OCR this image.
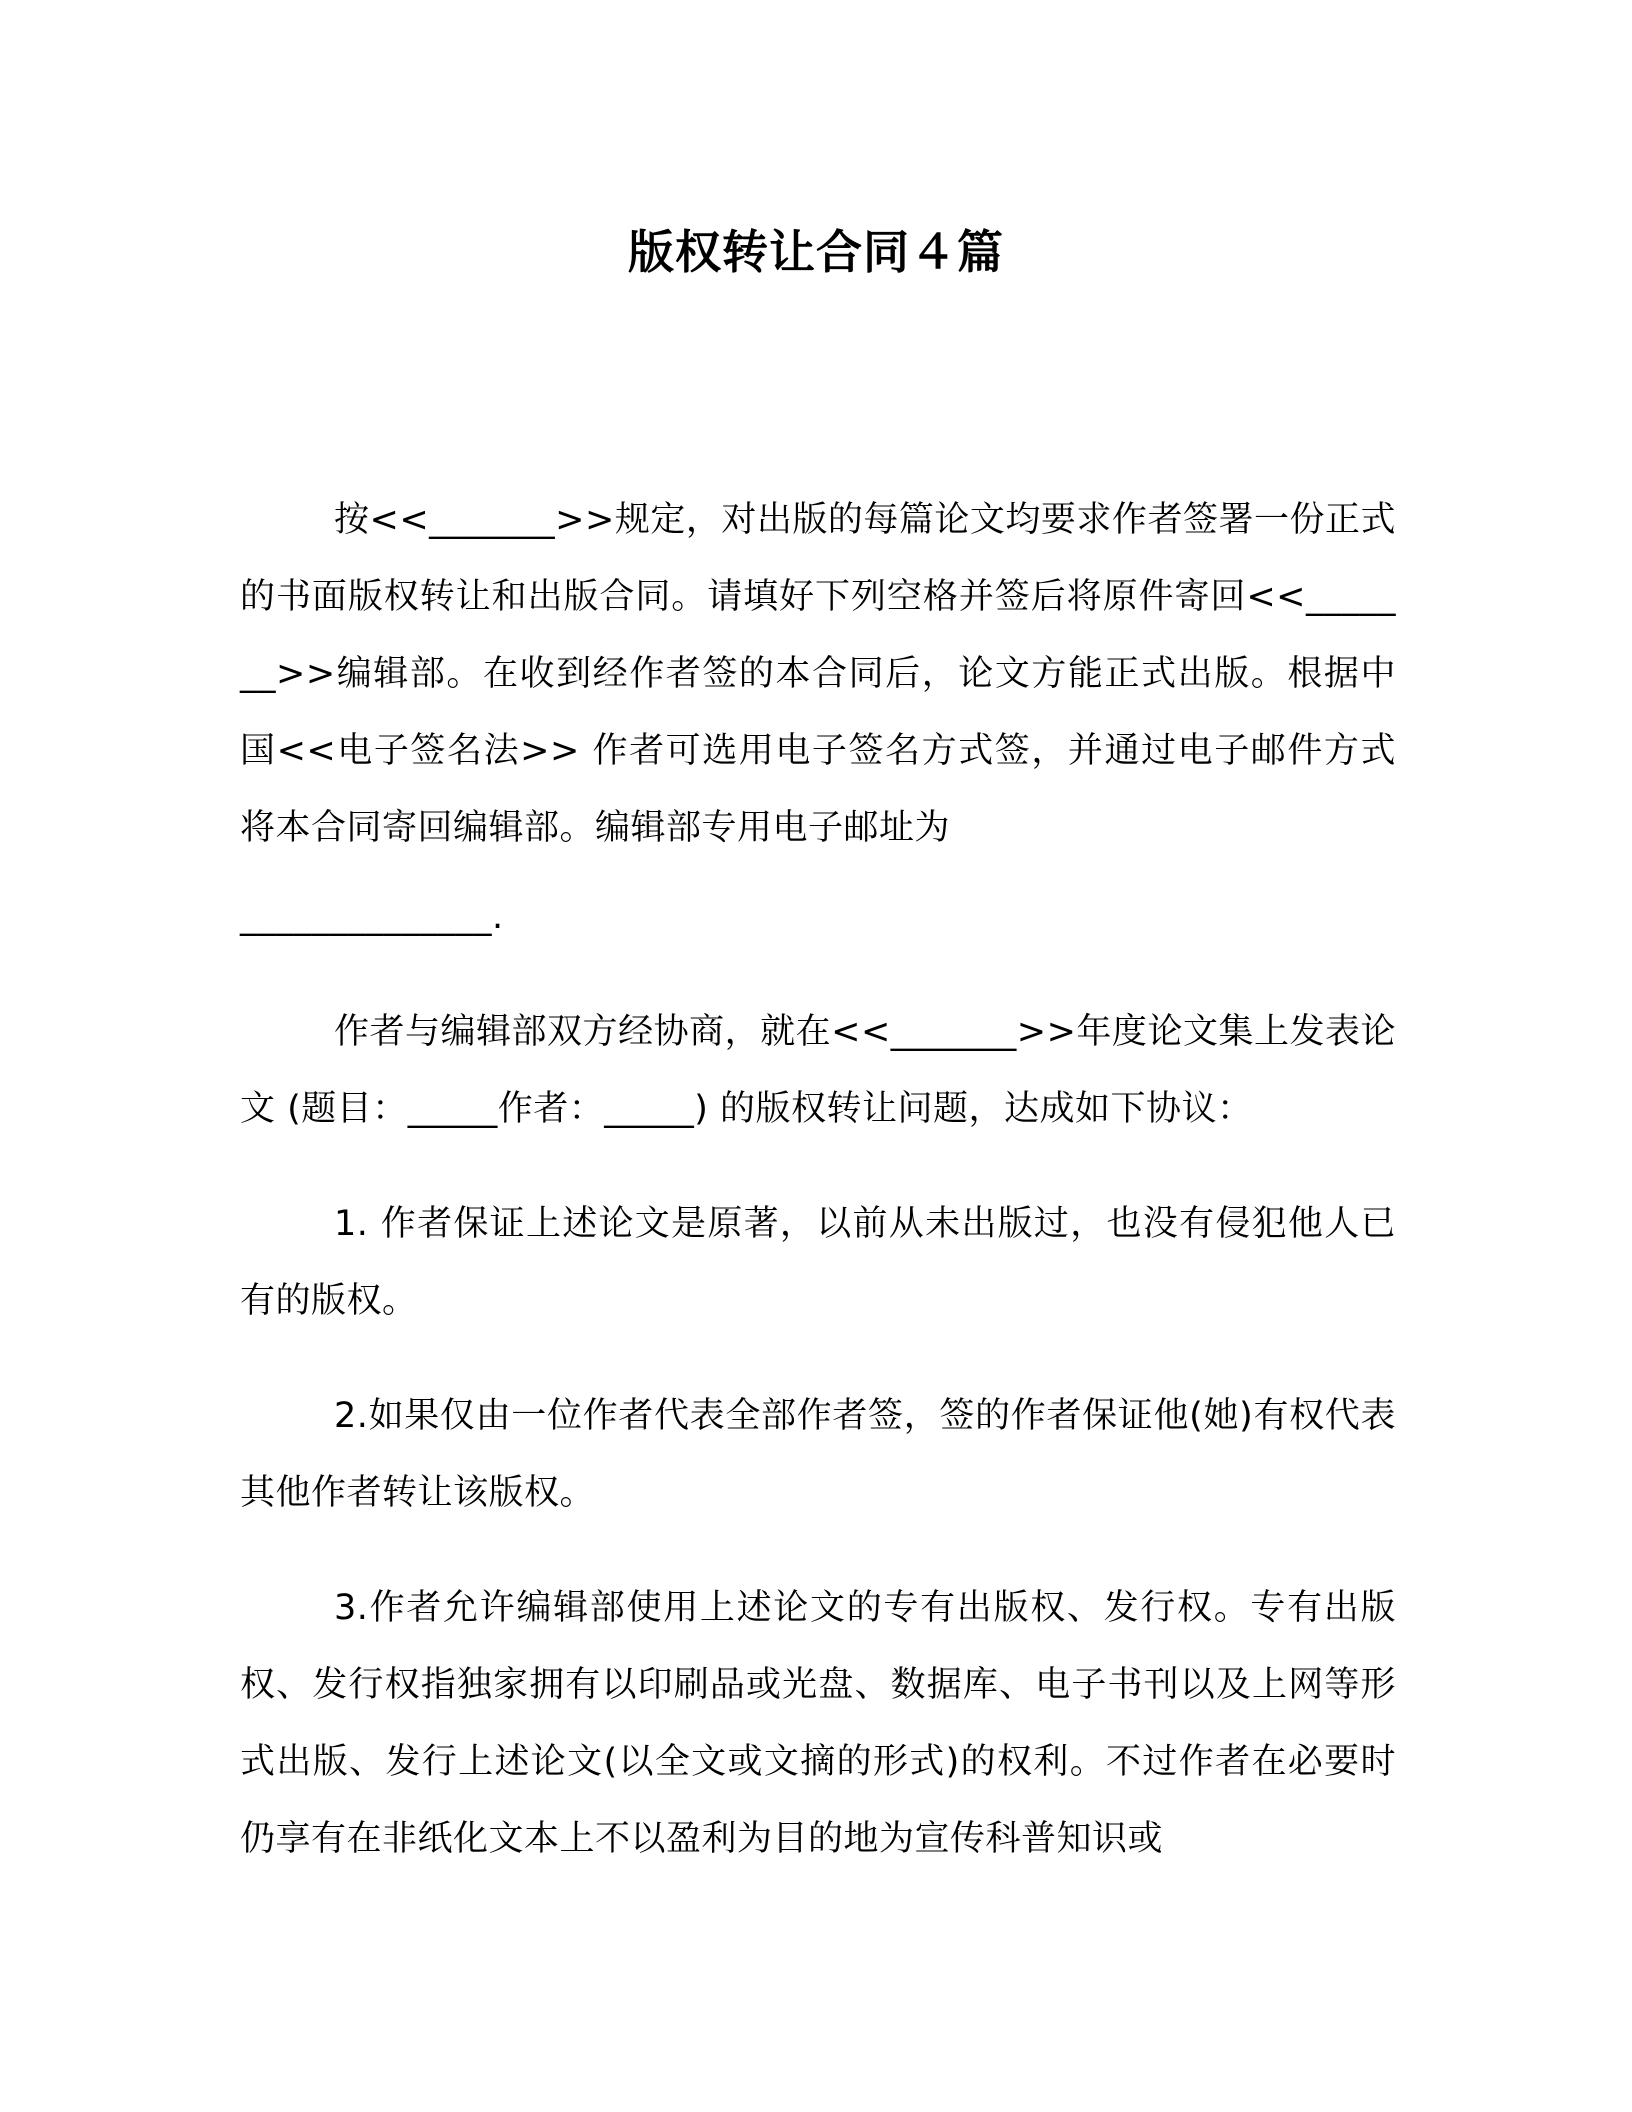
版权转让合同４篇

按<<_______>>规定，对出版的每篇论文均要求作者签署一份正式的书面版权转让和出版合同。请填好下列空格并签后将原件寄回<<_______>>编辑部。在收到经作者签的本合同后，论文方能正式出版。根据中国<<电子签名法>> 作者可选用电子签名方式签，并通过电子邮件方式将本合同寄回编辑部。编辑部专用电子邮址为

______________.

作者与编辑部双方经协商，就在<<_______>>年度论文集上发表论文 (题目：_____作者：_____) 的版权转让问题，达成如下协议：

1. 作者保证上述论文是原著，以前从未出版过，也没有侵犯他人已有的版权。

2.如果仅由一位作者代表全部作者签，签的作者保证他(她)有权代表其他作者转让该版权。

3.作者允许编辑部使用上述论文的专有出版权、发行权。专有出版权、发行权指独家拥有以印刷品或光盘、数据库、电子书刊以及上网等形式出版、发行上述论文(以全文或文摘的形式)的权利。不过作者在必要时仍享有在非纸化文本上不以盈利为目的地为宣传科普知识或
